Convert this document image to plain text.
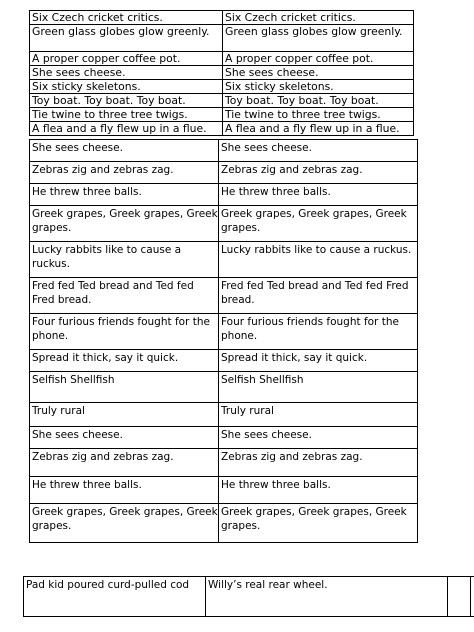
Six Czech cricket critics.	Six Czech cricket critics.
Green glass globes glow greenly.	Green glass globes glow greenly.
A proper copper coffee pot.	A proper copper coffee pot.
She sees cheese.	She sees cheese.
Six sticky skeletons.	Six sticky skeletons.
Toy boat. Toy boat. Toy boat.	Toy boat. Toy boat. Toy boat.
Tie twine to three tree twigs.	Tie twine to three tree twigs.
A flea and a fly flew up in a flue.	A flea and a fly flew up in a flue.
She sees cheese.	She sees cheese.
Zebras zig and zebras zag.	Zebras zig and zebras zag.
He threw three balls.	He threw three balls.
Greek grapes, Greek grapes, Greek grapes.	Greek grapes, Greek grapes, Greek grapes.
Lucky rabbits like to cause a ruckus.	Lucky rabbits like to cause a ruckus.
Fred fed Ted bread and Ted fed Fred bread.	Fred fed Ted bread and Ted fed Fred bread.
Four furious friends fought for the phone.	Four furious friends fought for the phone.
Spread it thick, say it quick.	Spread it thick, say it quick.
Selfish Shellfish	Selfish Shellfish
Truly rural	Truly rural
She sees cheese.	She sees cheese.
Zebras zig and zebras zag.	Zebras zig and zebras zag.
He threw three balls.	He threw three balls.
Greek grapes, Greek grapes, Greek grapes.	Greek grapes, Greek grapes, Greek grapes.
Pad kid poured curd-pulled cod	Willy’s real rear wheel.		
